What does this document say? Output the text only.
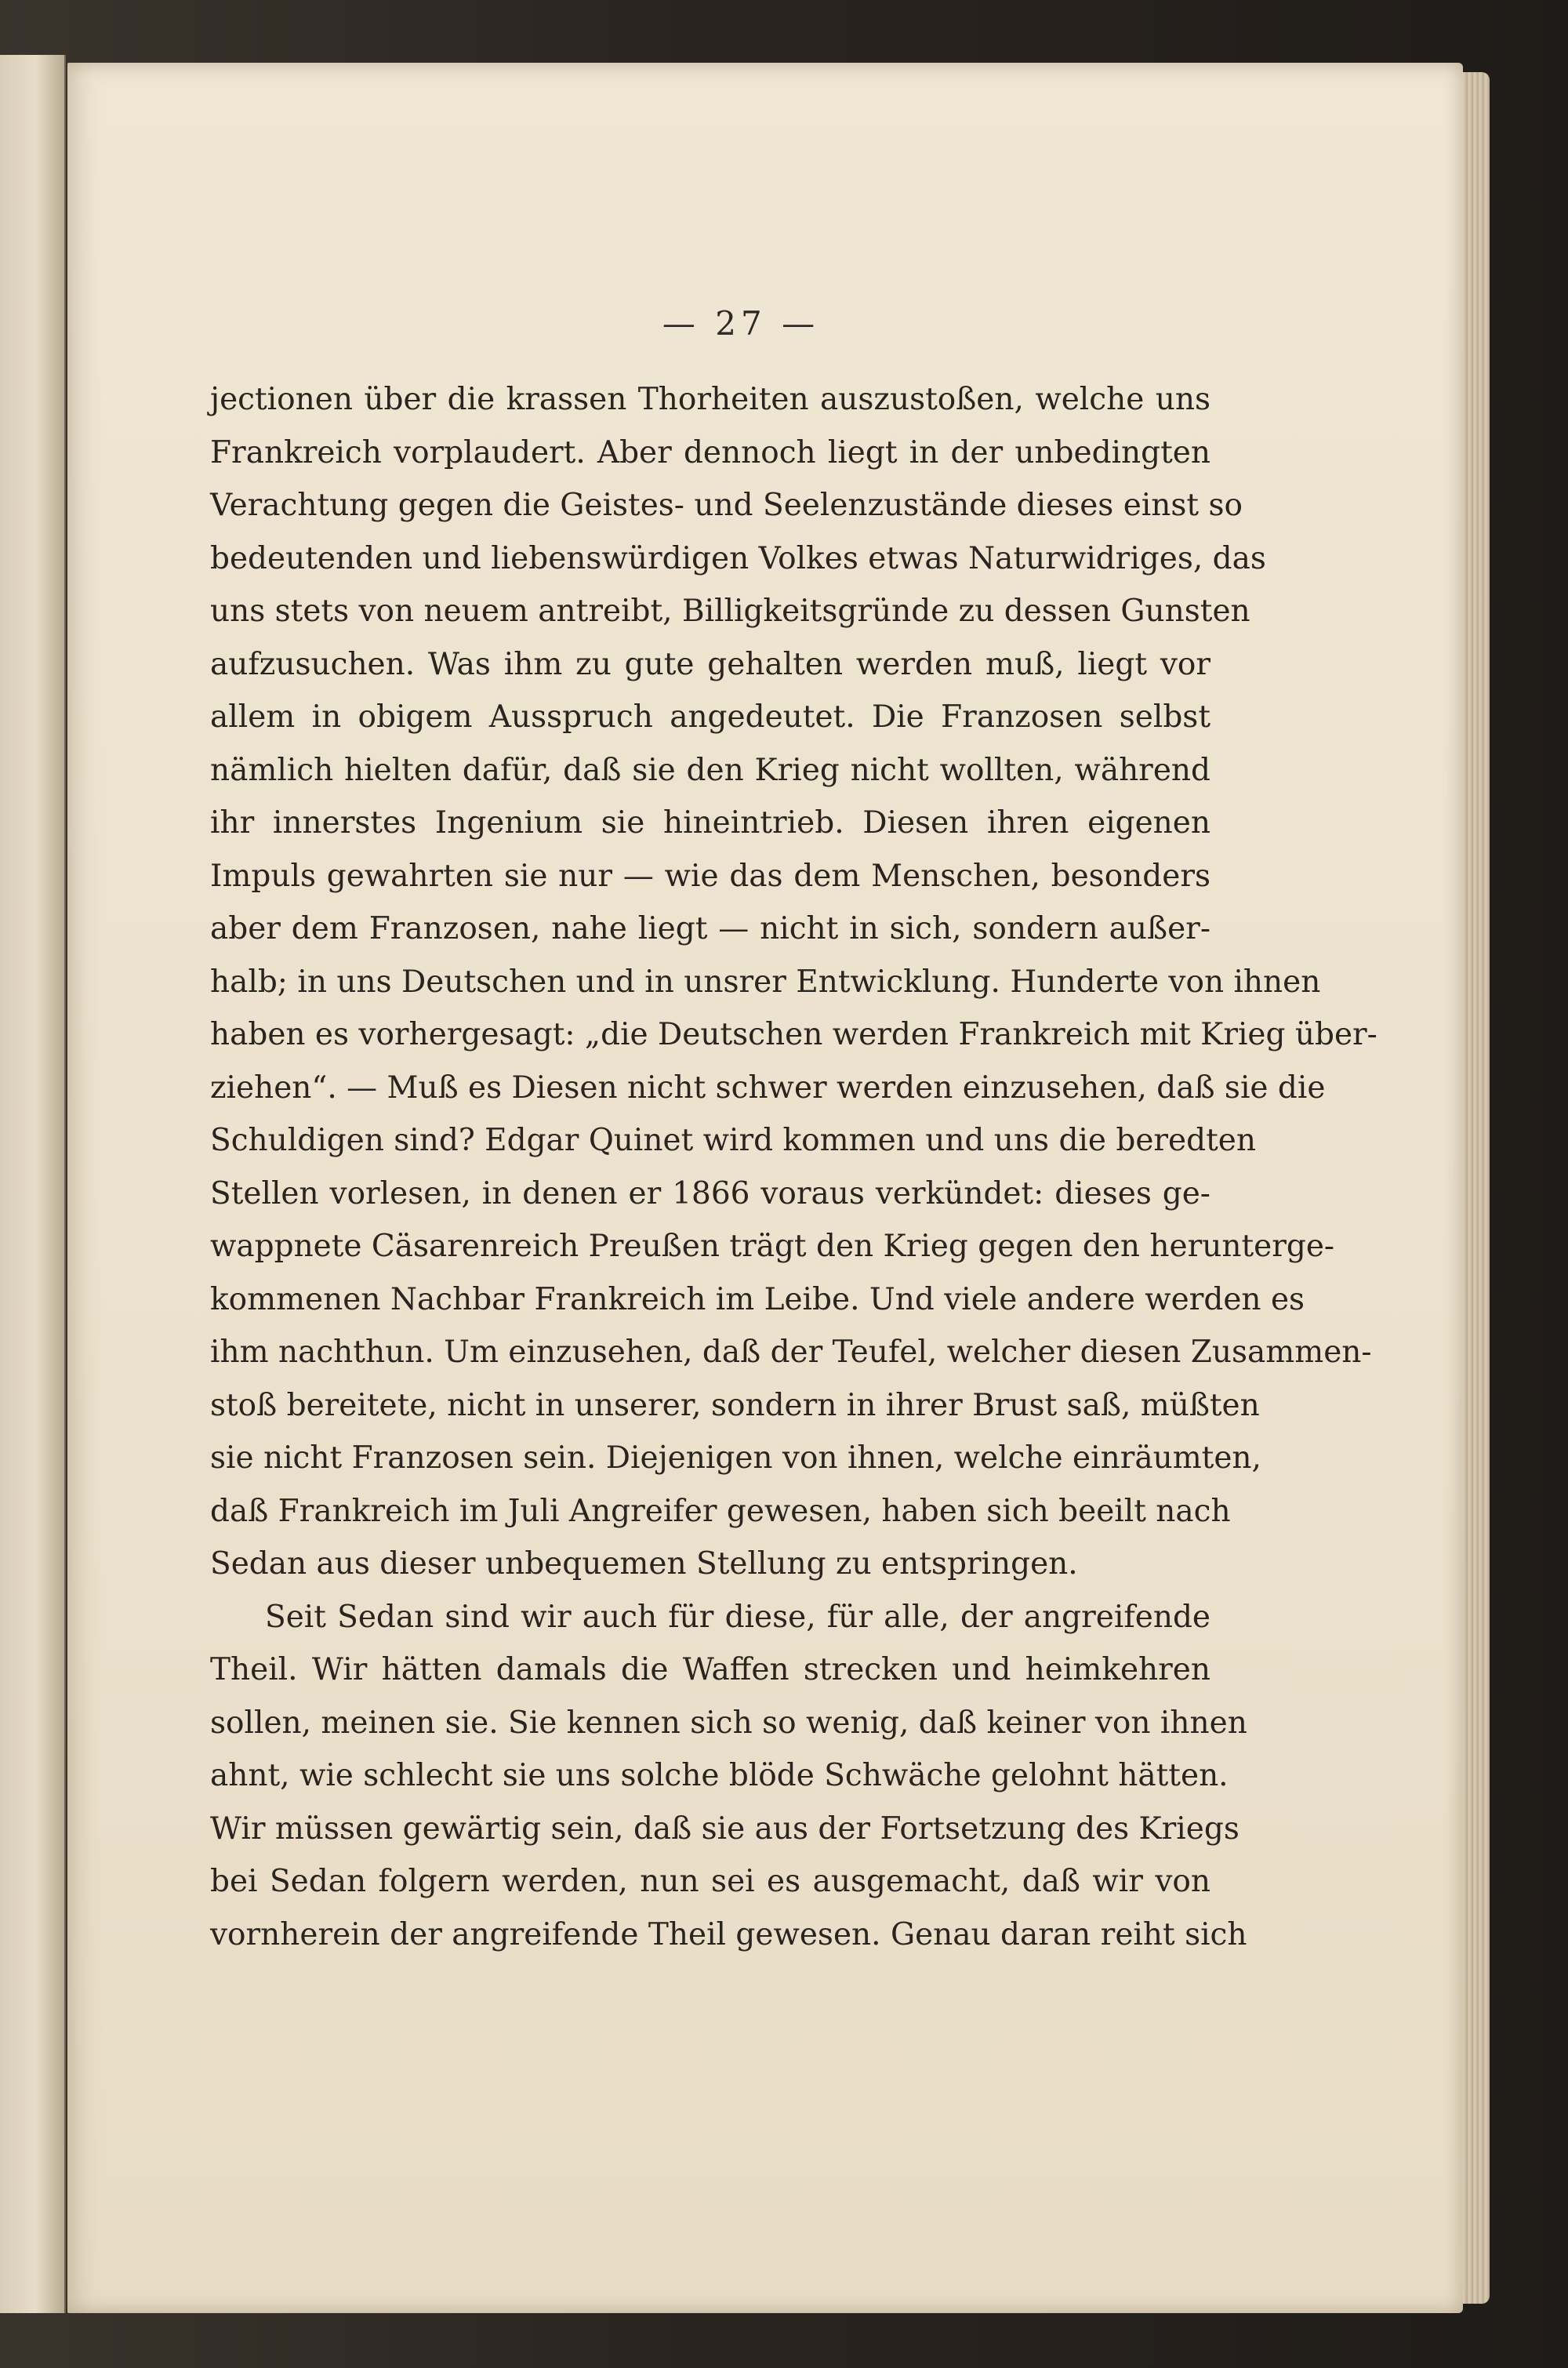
— 27 —
jectionen über die krassen Thorheiten auszustoßen, welche uns
Frankreich vorplaudert. Aber dennoch liegt in der unbedingten
Verachtung gegen die Geistes- und Seelenzustände dieses einst so
bedeutenden und liebenswürdigen Volkes etwas Naturwidriges, das
uns stets von neuem antreibt, Billigkeitsgründe zu dessen Gunsten
aufzusuchen. Was ihm zu gute gehalten werden muß, liegt vor
allem in obigem Ausspruch angedeutet. Die Franzosen selbst
nämlich hielten dafür, daß sie den Krieg nicht wollten, während
ihr innerstes Ingenium sie hineintrieb. Diesen ihren eigenen
Impuls gewahrten sie nur — wie das dem Menschen, besonders
aber dem Franzosen, nahe liegt — nicht in sich, sondern außer-
halb; in uns Deutschen und in unsrer Entwicklung. Hunderte von ihnen
haben es vorhergesagt: „die Deutschen werden Frankreich mit Krieg über-
ziehen“. — Muß es Diesen nicht schwer werden einzusehen, daß sie die
Schuldigen sind? Edgar Quinet wird kommen und uns die beredten
Stellen vorlesen, in denen er 1866 voraus verkündet: dieses ge-
wappnete Cäsarenreich Preußen trägt den Krieg gegen den herunterge-
kommenen Nachbar Frankreich im Leibe. Und viele andere werden es
ihm nachthun. Um einzusehen, daß der Teufel, welcher diesen Zusammen-
stoß bereitete, nicht in unserer, sondern in ihrer Brust saß, müßten
sie nicht Franzosen sein. Diejenigen von ihnen, welche einräumten,
daß Frankreich im Juli Angreifer gewesen, haben sich beeilt nach
Sedan aus dieser unbequemen Stellung zu entspringen.
Seit Sedan sind wir auch für diese, für alle, der angreifende
Theil. Wir hätten damals die Waffen strecken und heimkehren
sollen, meinen sie. Sie kennen sich so wenig, daß keiner von ihnen
ahnt, wie schlecht sie uns solche blöde Schwäche gelohnt hätten.
Wir müssen gewärtig sein, daß sie aus der Fortsetzung des Kriegs
bei Sedan folgern werden, nun sei es ausgemacht, daß wir von
vornherein der angreifende Theil gewesen. Genau daran reiht sich
